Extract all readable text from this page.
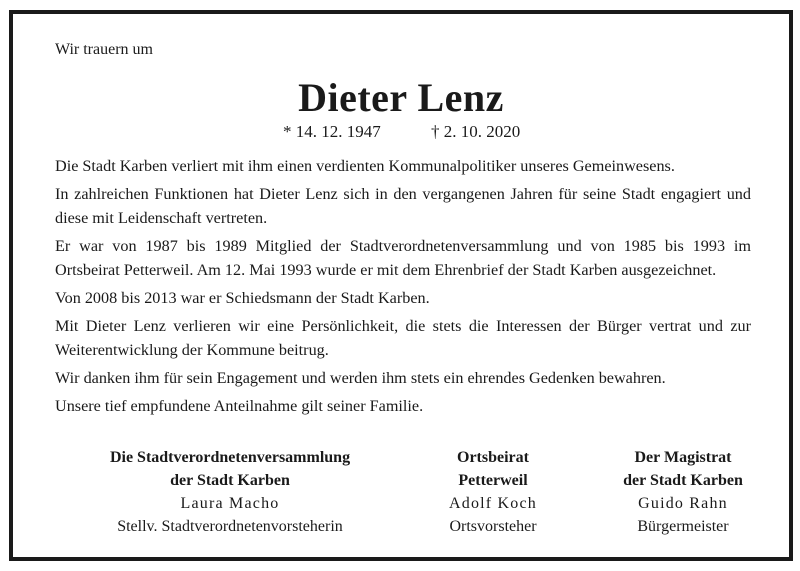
Wir trauern um
Dieter Lenz
* 14. 12. 1947	† 2. 10. 2020

Die Stadt Karben verliert mit ihm einen verdienten Kommunalpolitiker unseres Gemeinwesens.

In zahlreichen Funktionen hat Dieter Lenz sich in den vergangenen Jahren für seine Stadt engagiert und diese mit Leidenschaft vertreten.

Er war von 1987 bis 1989 Mitglied der Stadtverordnetenversammlung und von 1985 bis 1993 im Ortsbeirat Petterweil. Am 12. Mai 1993 wurde er mit dem Ehrenbrief der Stadt Karben ausgezeichnet.

Von 2008 bis 2013 war er Schiedsmann der Stadt Karben.

Mit Dieter Lenz verlieren wir eine Persönlichkeit, die stets die Interessen der Bürger vertrat und zur Weiterentwicklung der Kommune beitrug.

Wir danken ihm für sein Engagement und werden ihm stets ein ehrendes Gedenken bewahren.

Unsere tief empfundene Anteilnahme gilt seiner Familie.

Die Stadtverordnetenversammlung
der Stadt Karben
Laura Macho
Stellv. Stadtverordnetenvorsteherin
Ortsbeirat
Petterweil
Adolf Koch
Ortsvorsteher
Der Magistrat
der Stadt Karben
Guido Rahn
Bürgermeister
